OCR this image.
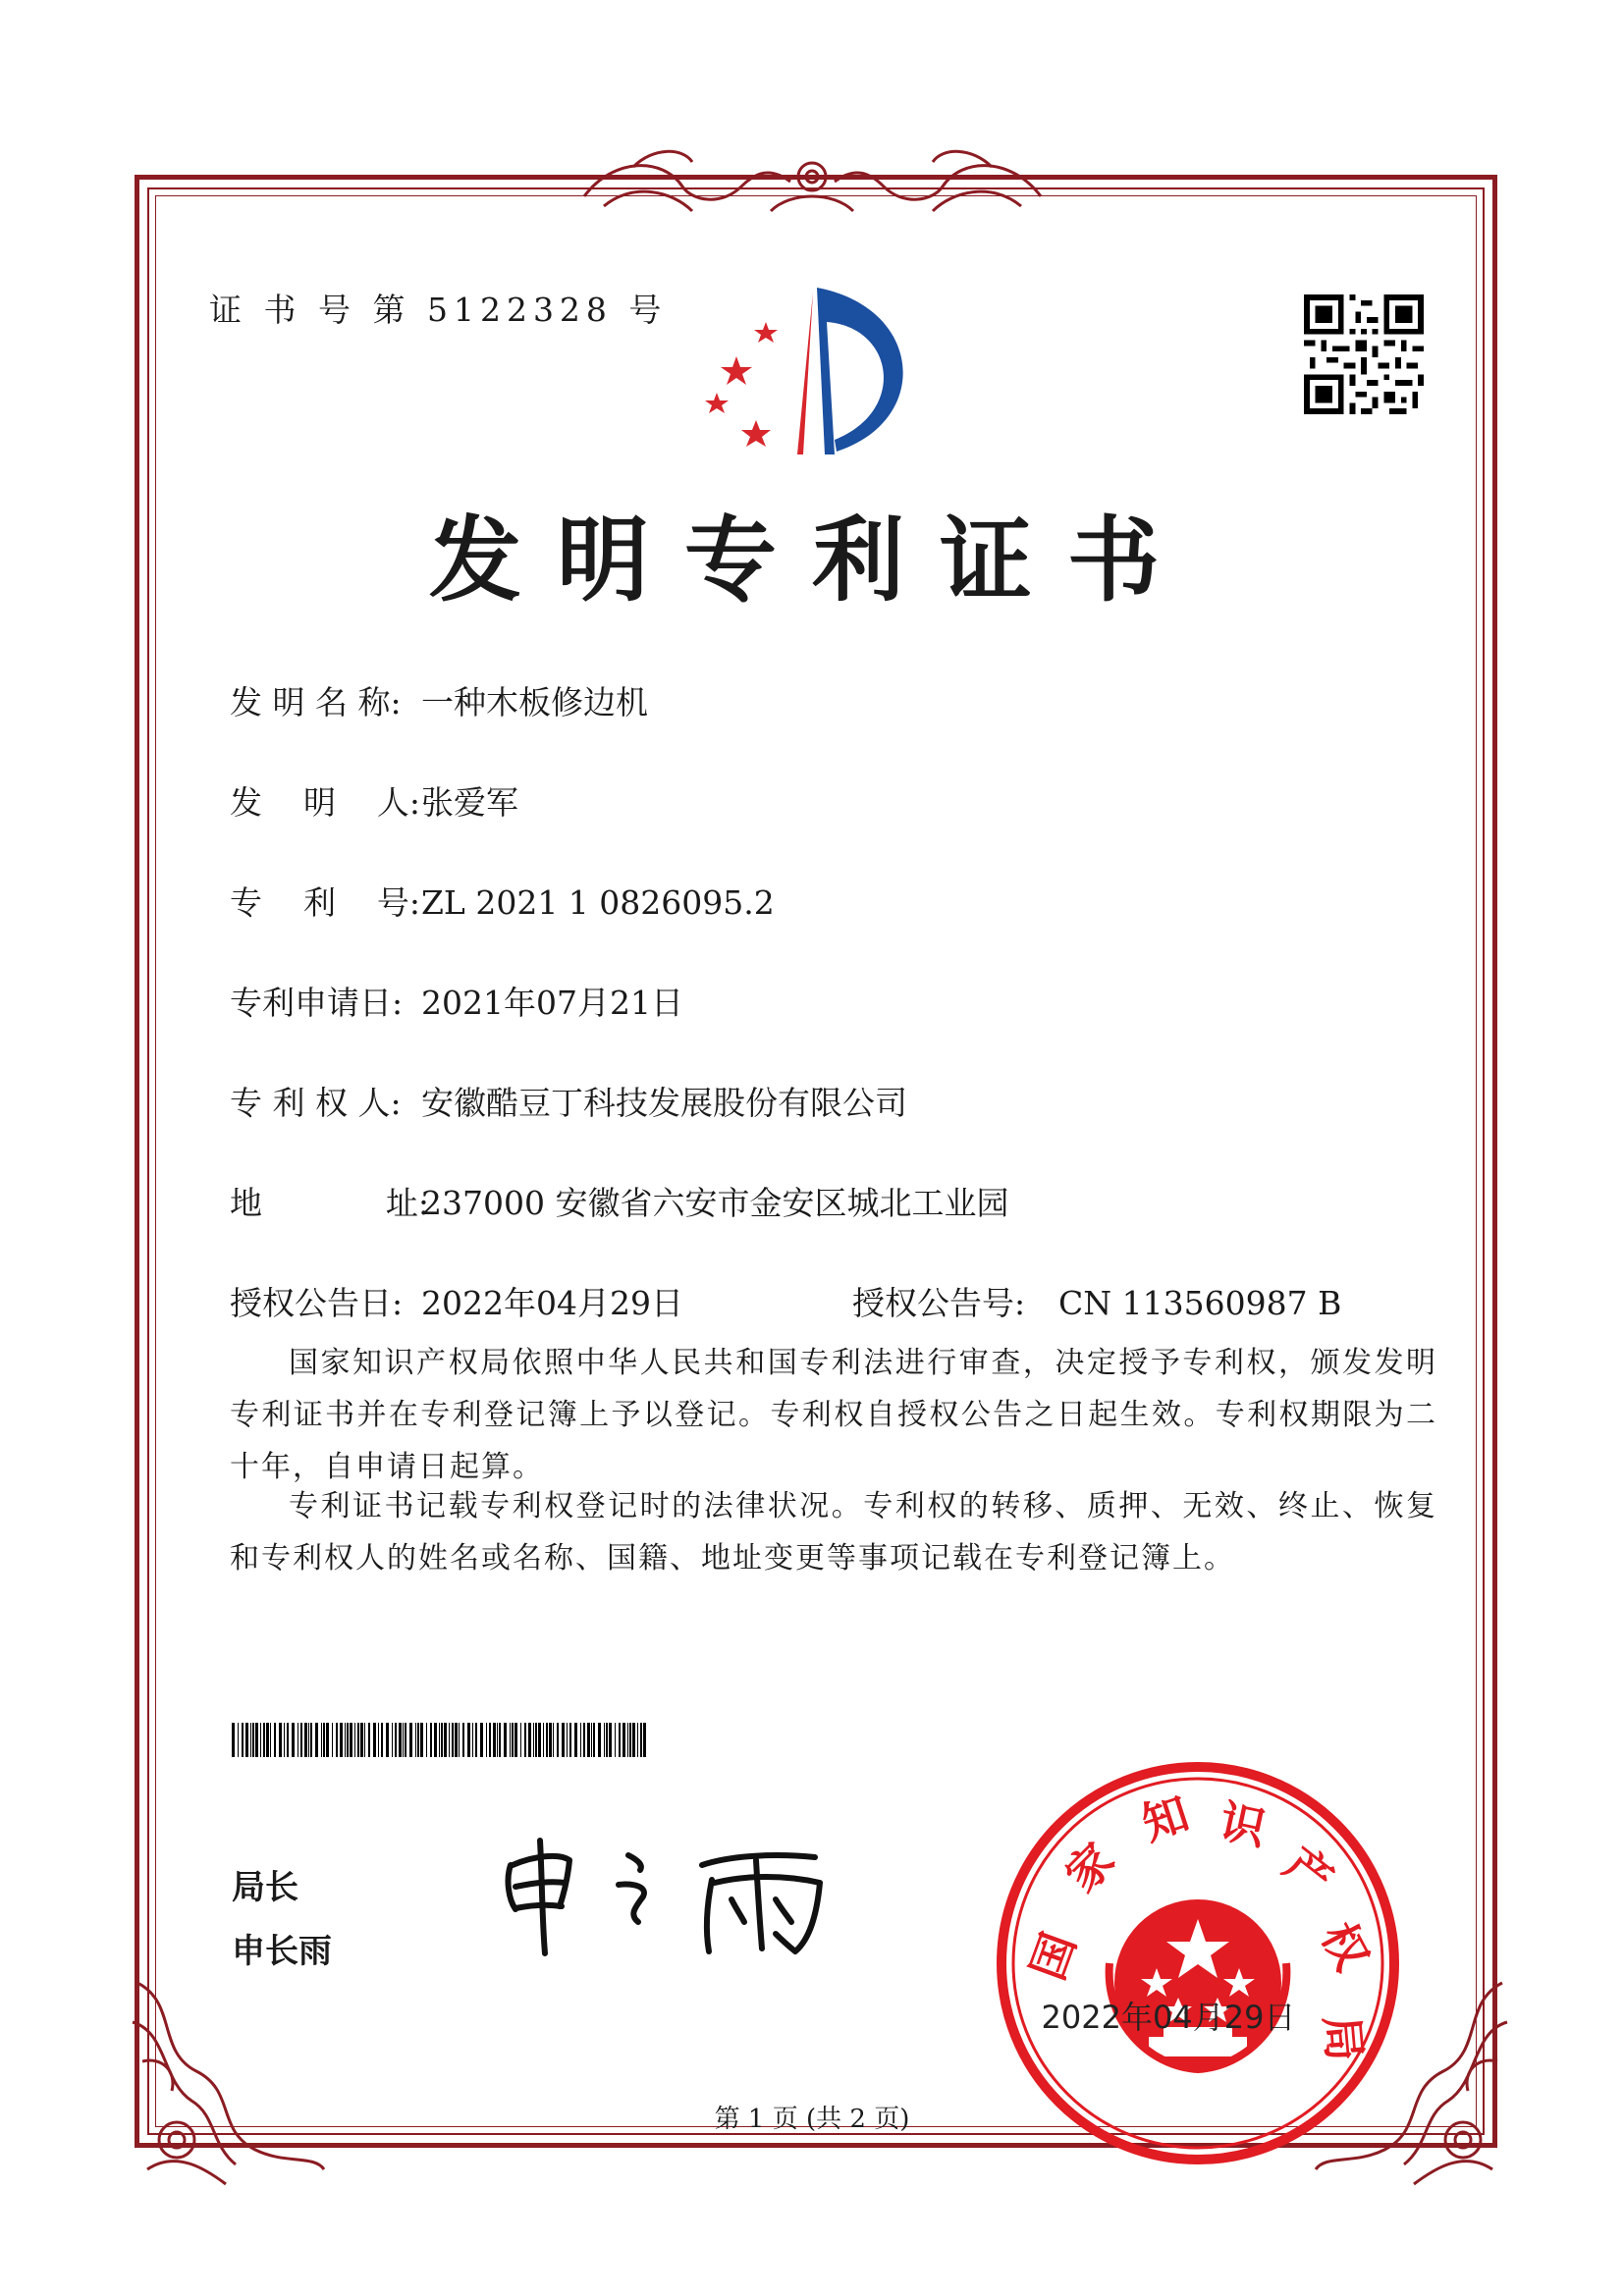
证 书 号 第 5122328 号
发明专利证书
发 明 名 称: 一种木板修边机
发    明    人:张爱军
专    利    号:ZL 2021 1 0826095.2
专利申请日: 2021年07月21日
专 利 权 人: 安徽酷豆丁科技发展股份有限公司
地            址:237000 安徽省六安市金安区城北工业园
授权公告日: 2022年04月29日	授权公告号: CN 113560987 B
国家知识产权局依照中华人民共和国专利法进行审查，决定授予专利权，颁发发明专利证书并在专利登记簿上予以登记。专利权自授权公告之日起生效。专利权期限为二十年，自申请日起算。
专利证书记载专利权登记时的法律状况。专利权的转移、质押、无效、终止、恢复和专利权人的姓名或名称、国籍、地址变更等事项记载在专利登记簿上。
局长
申长雨	国
家
知 识
产
权
局
2022年04月29日
第 1 页 (共 2 页)
